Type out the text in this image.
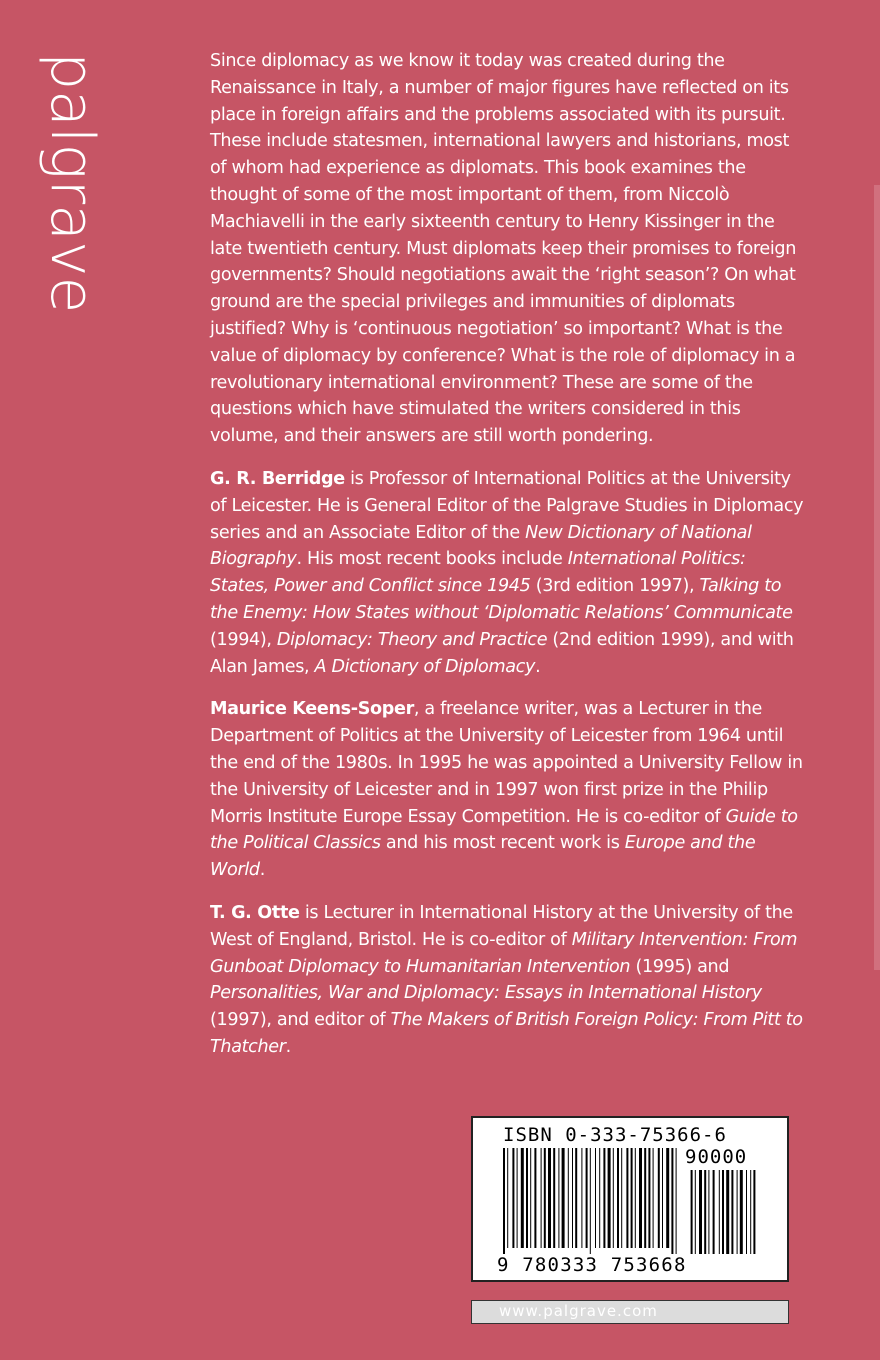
palgrave	Since diplomacy as we know it today was created during the Renaissance in Italy, a number of major figures have reflected on its place in foreign affairs and the problems associated with its pursuit. These include statesmen, international lawyers and historians, most of whom had experience as diplomats. This book examines the thought of some of the most important of them, from Niccolò Machiavelli in the early sixteenth century to Henry Kissinger in the late twentieth century. Must diplomats keep their promises to foreign governments? Should negotiations await the ‘right season’? On what ground are the special privileges and immunities of diplomats justified? Why is ‘continuous negotiation’ so important? What is the value of diplomacy by conference? What is the role of diplomacy in a revolutionary international environment? These are some of the questions which have stimulated the writers considered in this volume, and their answers are still worth pondering.

G. R. Berridge is Professor of International Politics at the University of Leicester. He is General Editor of the Palgrave Studies in Diplomacy series and an Associate Editor of the New Dictionary of National Biography. His most recent books include International Politics: States, Power and Conflict since 1945 (3rd edition 1997), Talking to the Enemy: How States without ‘Diplomatic Relations’ Communicate (1994), Diplomacy: Theory and Practice (2nd edition 1999), and with Alan James, A Dictionary of Diplomacy.

Maurice Keens-Soper, a freelance writer, was a Lecturer in the Department of Politics at the University of Leicester from 1964 until the end of the 1980s. In 1995 he was appointed a University Fellow in the University of Leicester and in 1997 won first prize in the Philip Morris Institute Europe Essay Competition. He is co-editor of Guide to the Political Classics and his most recent work is Europe and the World.

T. G. Otte is Lecturer in International History at the University of the West of England, Bristol. He is co-editor of Military Intervention: From Gunboat Diplomacy to Humanitarian Intervention (1995) and Personalities, War and Diplomacy: Essays in International History (1997), and editor of The Makers of British Foreign Policy: From Pitt to Thatcher.

ISBN 0-333-75366-6
90000
9 780333 753668
www.palgrave.com
